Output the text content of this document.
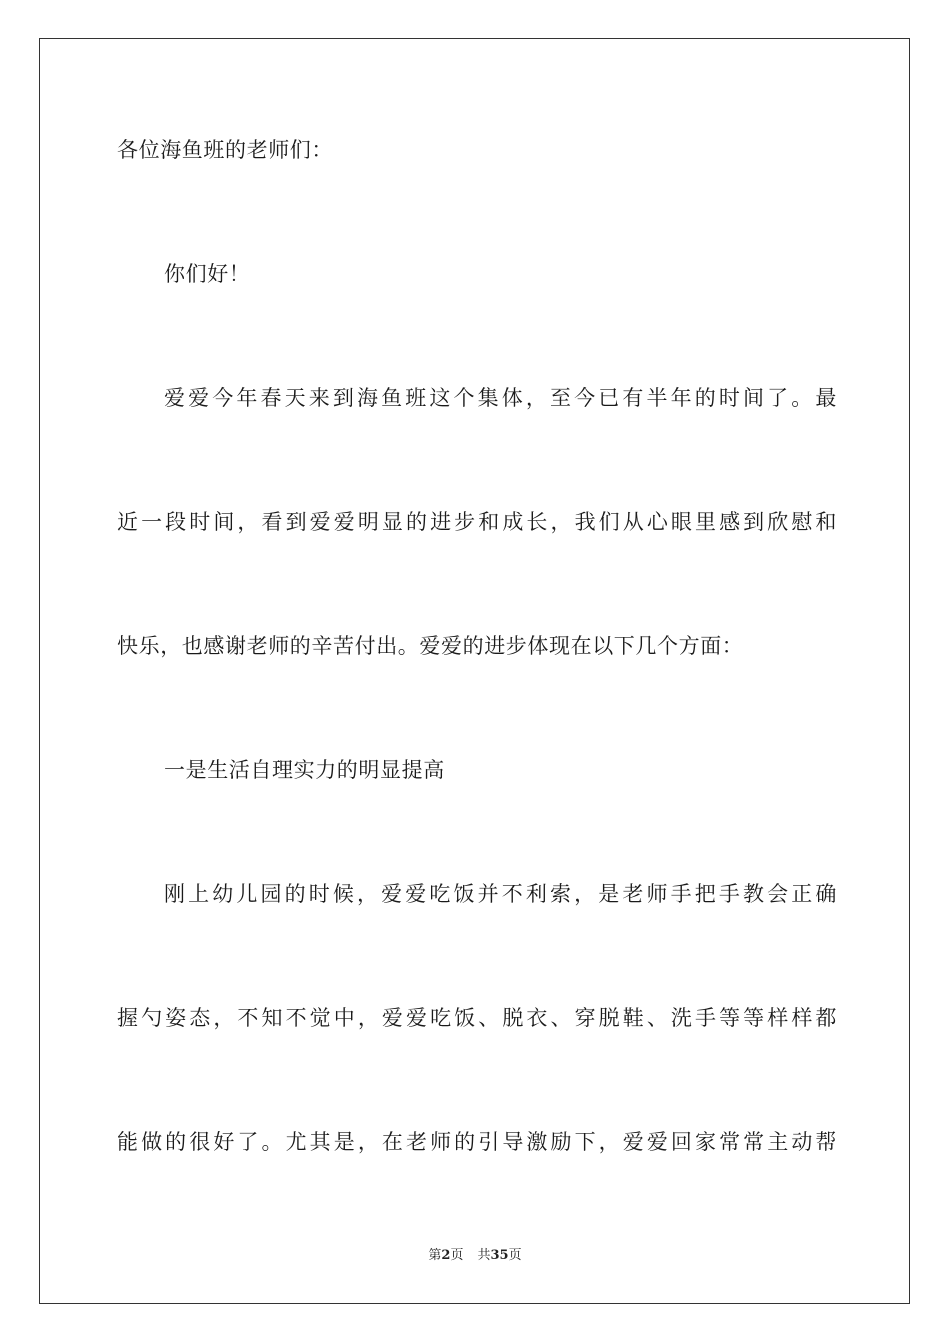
各位海鱼班的老师们：
你们好！
爱爱今年春天来到海鱼班这个集体，至今已有半年的时间了。最
近一段时间，看到爱爱明显的进步和成长，我们从心眼里感到欣慰和
快乐，也感谢老师的辛苦付出。爱爱的进步体现在以下几个方面：
一是生活自理实力的明显提高
刚上幼儿园的时候，爱爱吃饭并不利索，是老师手把手教会正确
握勺姿态，不知不觉中，爱爱吃饭、脱衣、穿脱鞋、洗手等等样样都
能做的很好了。尤其是，在老师的引导激励下，爱爱回家常常主动帮
第2页 共35页
